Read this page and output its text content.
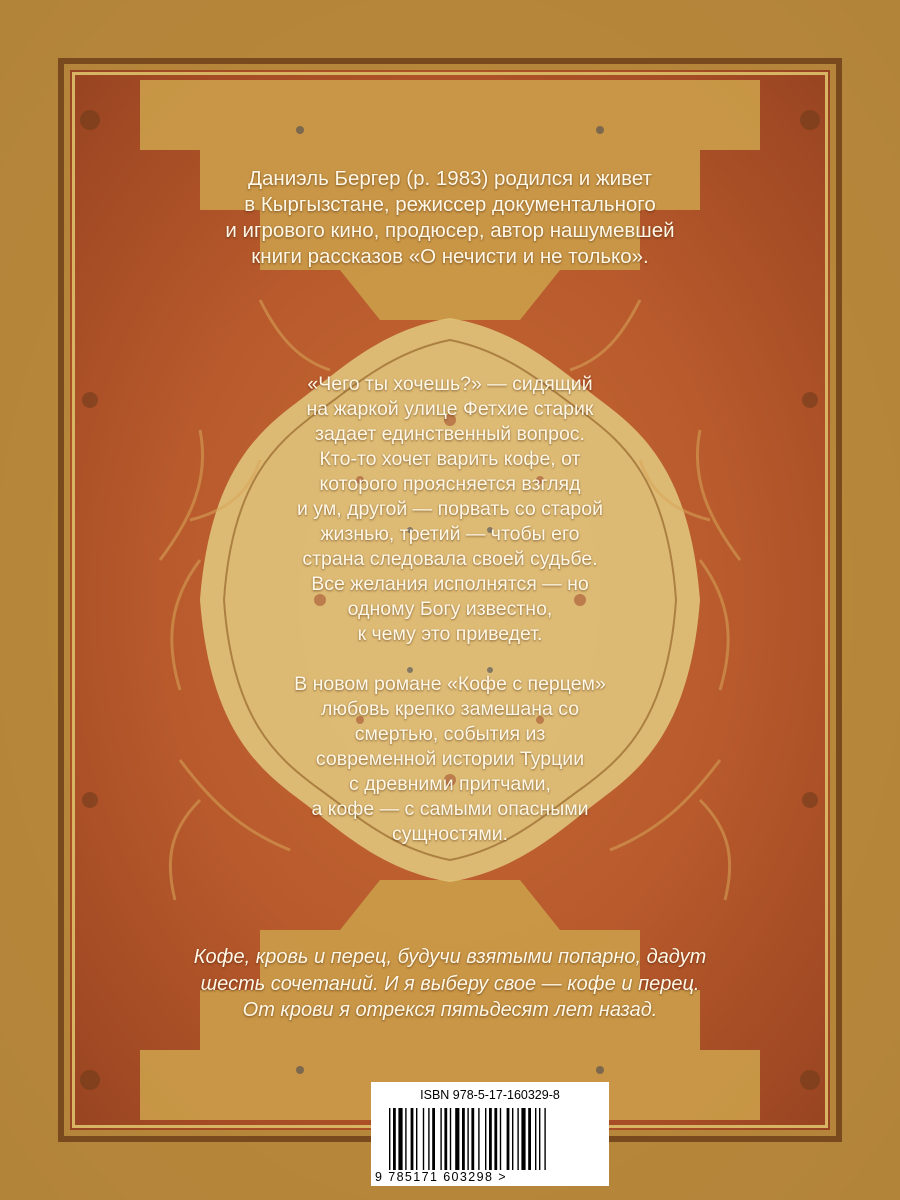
Даниэль Бергер (р. 1983) родился и живет
в Кыргызстане, режиссер документального
и игрового кино, продюсер, автор нашумевшей
книги рассказов «О нечисти и не только».

«Чего ты хочешь?» — сидящий
на жаркой улице Фетхие старик
задает единственный вопрос.
Кто-то хочет варить кофе, от
которого проясняется взгляд
и ум, другой — порвать со старой
жизнью, третий — чтобы его
страна следовала своей судьбе.
Все желания исполнятся — но
одному Богу известно,
к чему это приведет.

В новом романе «Кофе с перцем»
любовь крепко замешана со
смертью, события из
современной истории Турции
с древними притчами,
а кофе — с самыми опасными
сущностями.

Кофе, кровь и перец, будучи взятыми попарно, дадут
шесть сочетаний. И я выберу свое — кофе и перец.
От крови я отрекся пятьдесят лет назад.
ISBN 978-5-17-160329-8
9 785171 603298 >
